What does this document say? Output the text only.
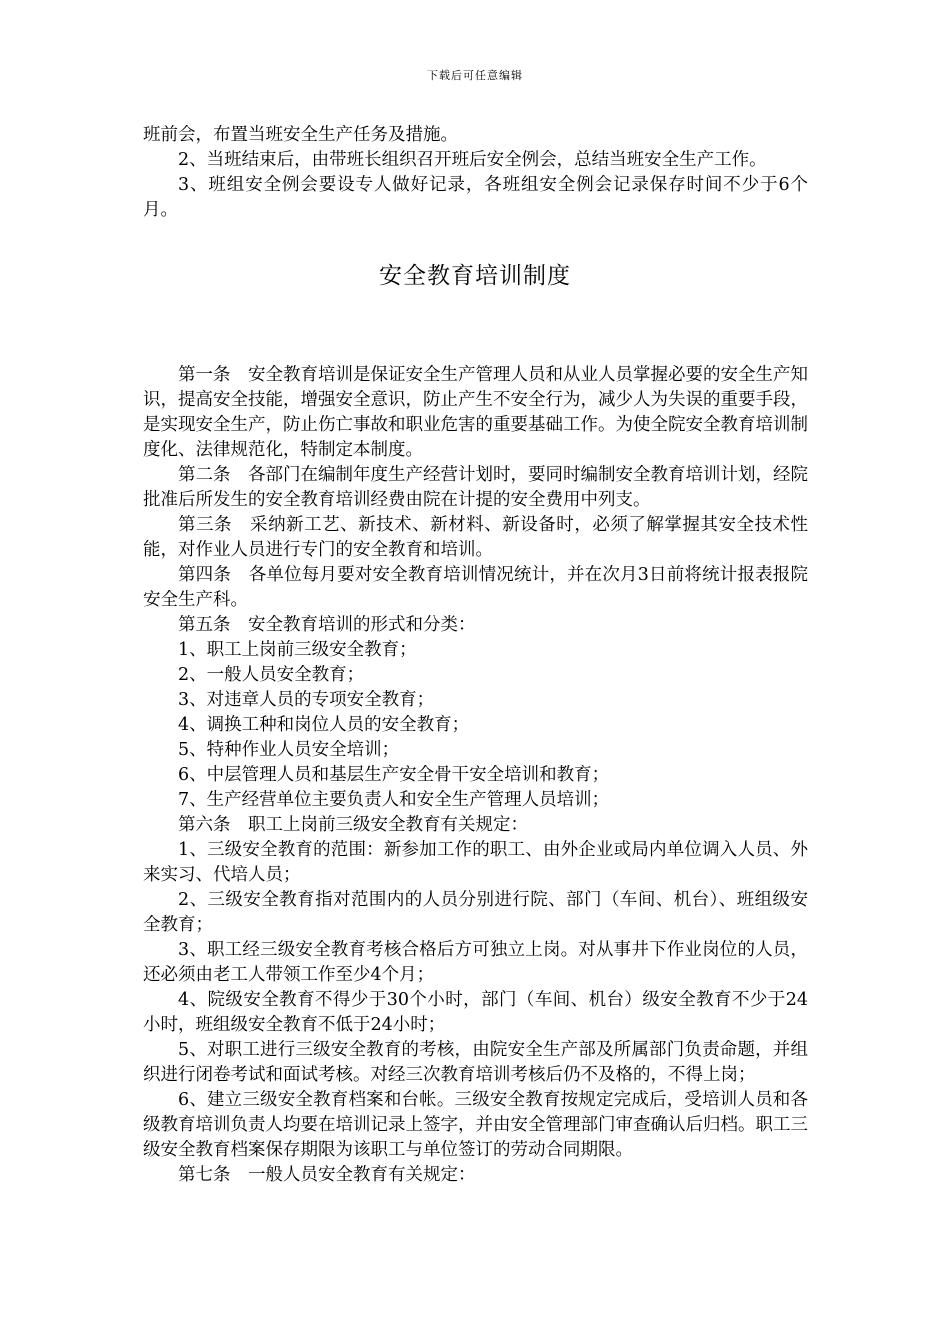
下载后可任意编辑

班前会，布置当班安全生产任务及措施。

2、当班结束后，由带班长组织召开班后安全例会，总结当班安全生产工作。

3、班组安全例会要设专人做好记录，各班组安全例会记录保存时间不少于6个月。

安全教育培训制度

第一条　安全教育培训是保证安全生产管理人员和从业人员掌握必要的安全生产知识，提高安全技能，增强安全意识，防止产生不安全行为，减少人为失误的重要手段，是实现安全生产，防止伤亡事故和职业危害的重要基础工作。为使全院安全教育培训制度化、法律规范化，特制定本制度。

第二条　各部门在编制年度生产经营计划时，要同时编制安全教育培训计划，经院批准后所发生的安全教育培训经费由院在计提的安全费用中列支。

第三条　采纳新工艺、新技术、新材料、新设备时，必须了解掌握其安全技术性能，对作业人员进行专门的安全教育和培训。

第四条　各单位每月要对安全教育培训情况统计，并在次月3日前将统计报表报院安全生产科。

第五条　安全教育培训的形式和分类：

1、职工上岗前三级安全教育；

2、一般人员安全教育；

3、对违章人员的专项安全教育；

4、调换工种和岗位人员的安全教育；

5、特种作业人员安全培训；

6、中层管理人员和基层生产安全骨干安全培训和教育；

7、生产经营单位主要负责人和安全生产管理人员培训；

第六条　职工上岗前三级安全教育有关规定：

1、三级安全教育的范围：新参加工作的职工、由外企业或局内单位调入人员、外来实习、代培人员；

2、三级安全教育指对范围内的人员分别进行院、部门（车间、机台）、班组级安全教育；

3、职工经三级安全教育考核合格后方可独立上岗。对从事井下作业岗位的人员，还必须由老工人带领工作至少4个月；

4、院级安全教育不得少于30个小时，部门（车间、机台）级安全教育不少于24小时，班组级安全教育不低于24小时；

5、对职工进行三级安全教育的考核，由院安全生产部及所属部门负责命题，并组织进行闭卷考试和面试考核。对经三次教育培训考核后仍不及格的，不得上岗；

6、建立三级安全教育档案和台帐。三级安全教育按规定完成后，受培训人员和各级教育培训负责人均要在培训记录上签字，并由安全管理部门审查确认后归档。职工三级安全教育档案保存期限为该职工与单位签订的劳动合同期限。

第七条　一般人员安全教育有关规定：
